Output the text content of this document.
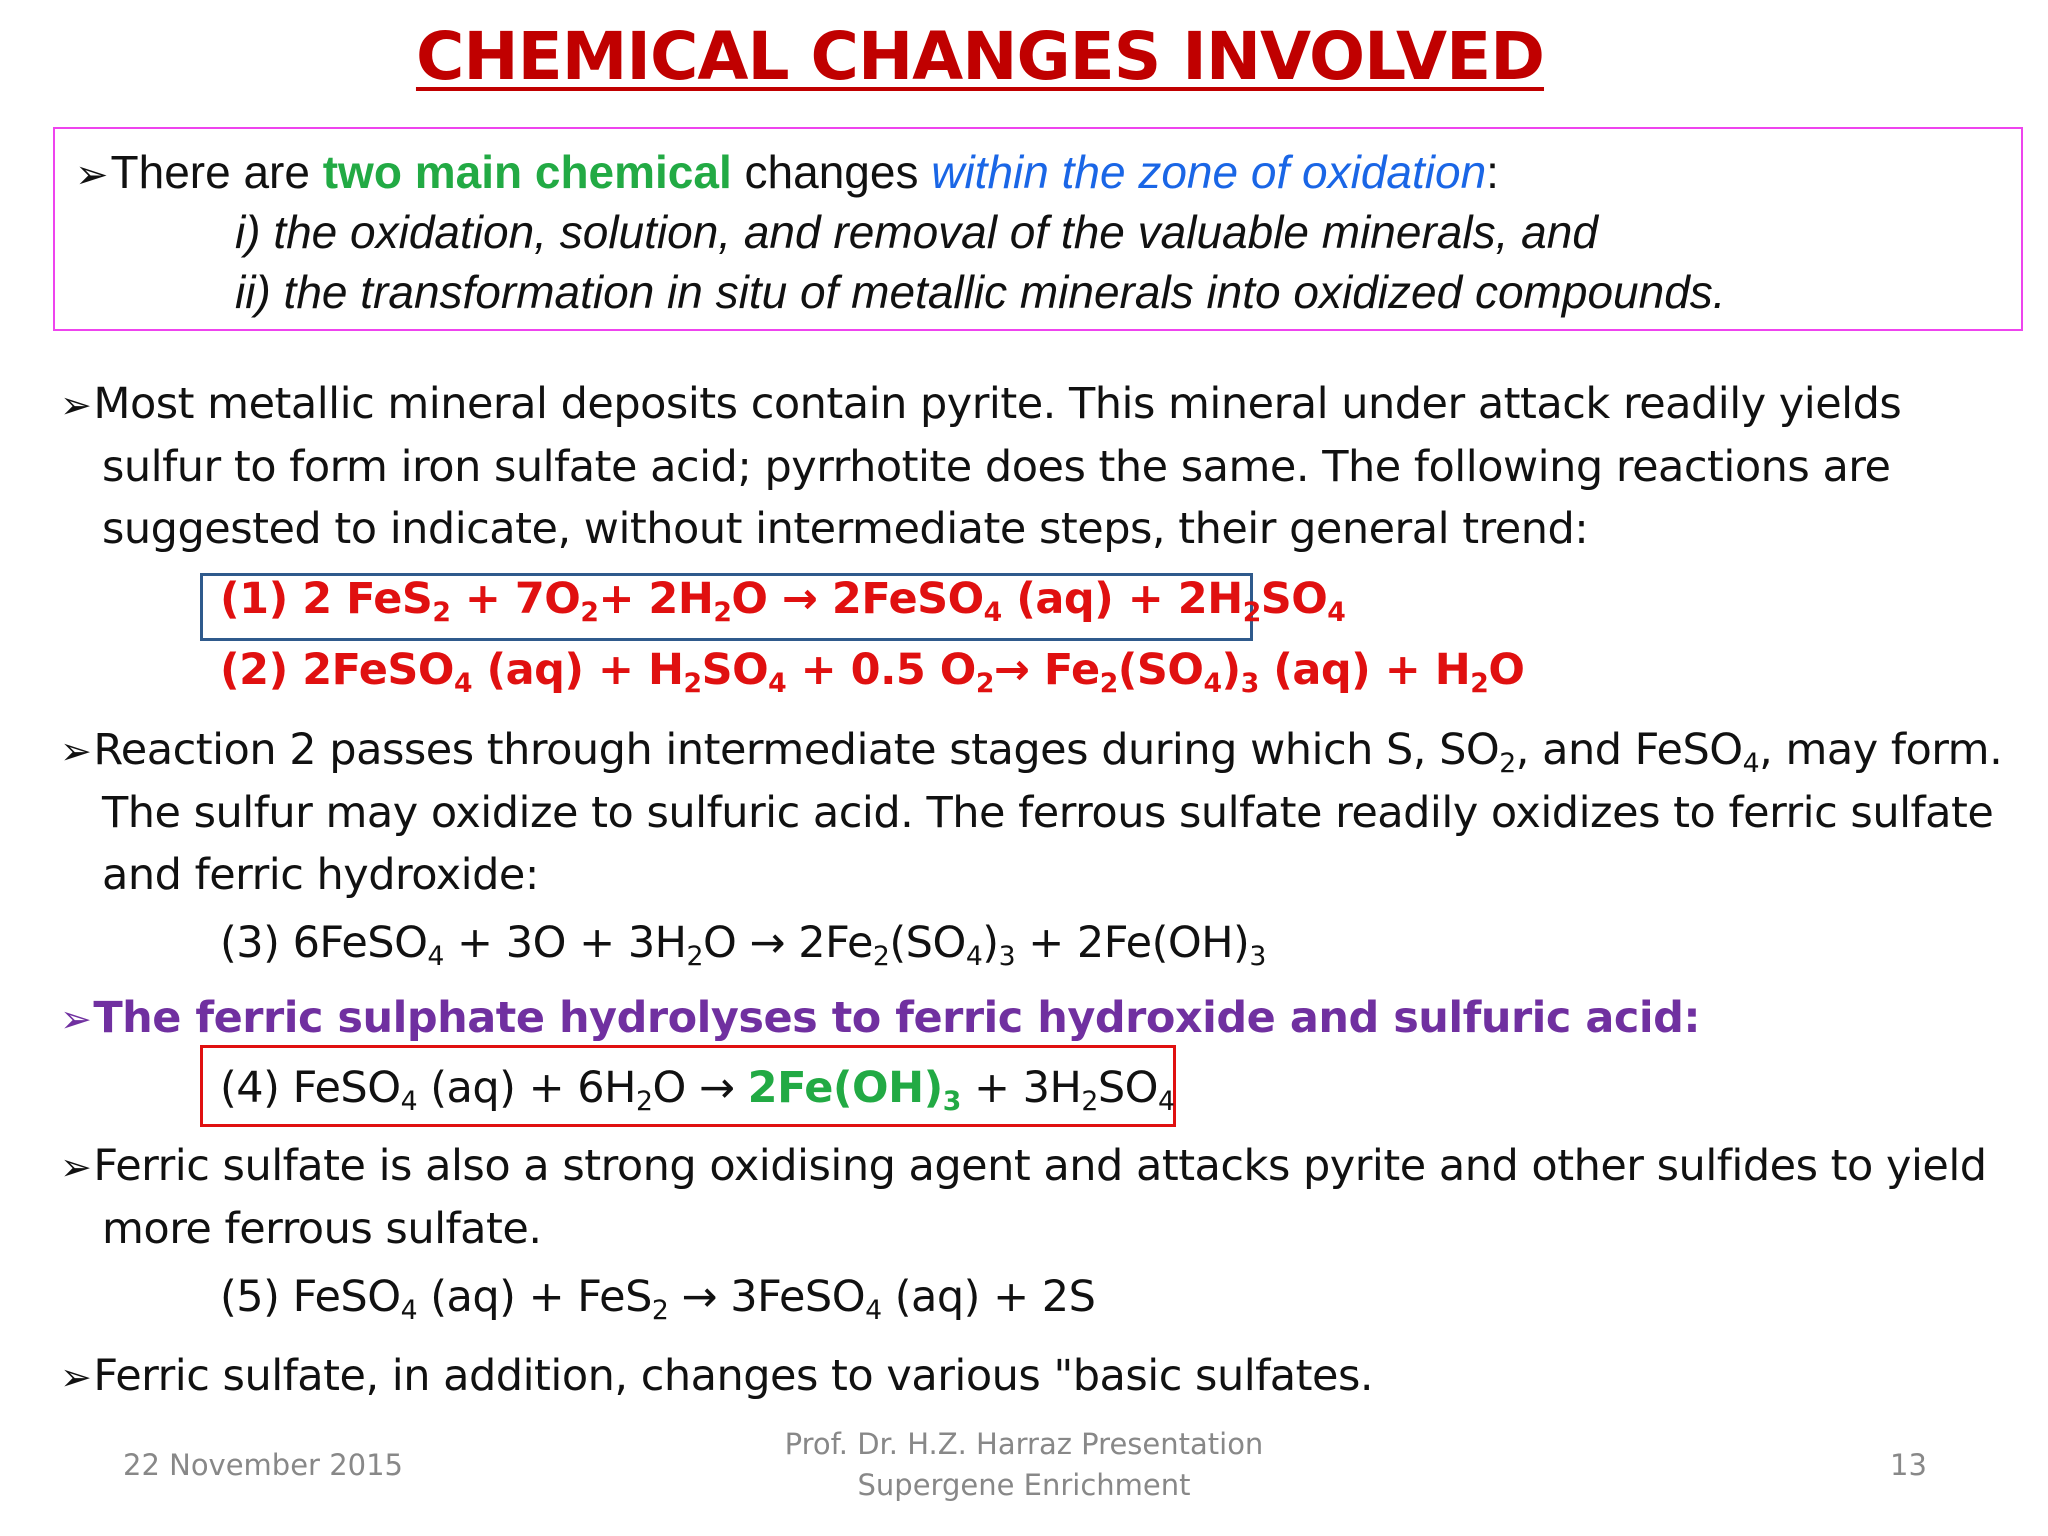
CHEMICAL CHANGES INVOLVED
➢There are two main chemical changes within the zone of oxidation:
i) the oxidation, solution, and removal of the valuable minerals, and
ii) the transformation in situ of metallic minerals into oxidized compounds.
➢Most metallic mineral deposits contain pyrite. This mineral under attack readily yields
sulfur to form iron sulfate acid; pyrrhotite does the same. The following reactions are
suggested to indicate, without intermediate steps, their general trend:
(1) 2 $FeS_2 + 7O_2+ 2H_2O$ → 2FeSO$_4$ $(aq) + 2H_2SO_4$
(2) 2FeSO$_4$ $(aq) + H_2SO_4 + 0.5$ $O_2\to Fe_2(SO_4)_3$ $(aq) + H_2O$
➢Reaction 2 passes through intermediate stages during which S, $SO_2$, and FeSO$_4$, may form.
The sulfur may oxidize to sulfuric acid. The ferrous sulfate readily oxidizes to ferric sulfate
and ferric hydroxide:
(3) 6FeSO$_4$ + $3O + 3H_2O \to 2Fe_2(SO_4)_3 + 2Fe(OH)_3$
➢The ferric sulphate hydrolyses to ferric hydroxide and sulfuric acid:
(4) FeSO$_4$ $(aq) + 6H_2O \to 2Fe(OH)_3 + 3H_2SO_4$
➢Ferric sulfate is also a strong oxidising agent and attacks pyrite and other sulfides to yield
more ferrous sulfate.
(5) FeSO$_4$ (aq) + FeS$_2$ → 3FeSO$_4$ (aq) + 2S
➢Ferric sulfate, in addition, changes to various "basic sulfates.
22 November 2015
Prof. Dr. H.Z. Harraz Presentation
Supergene Enrichment
13
